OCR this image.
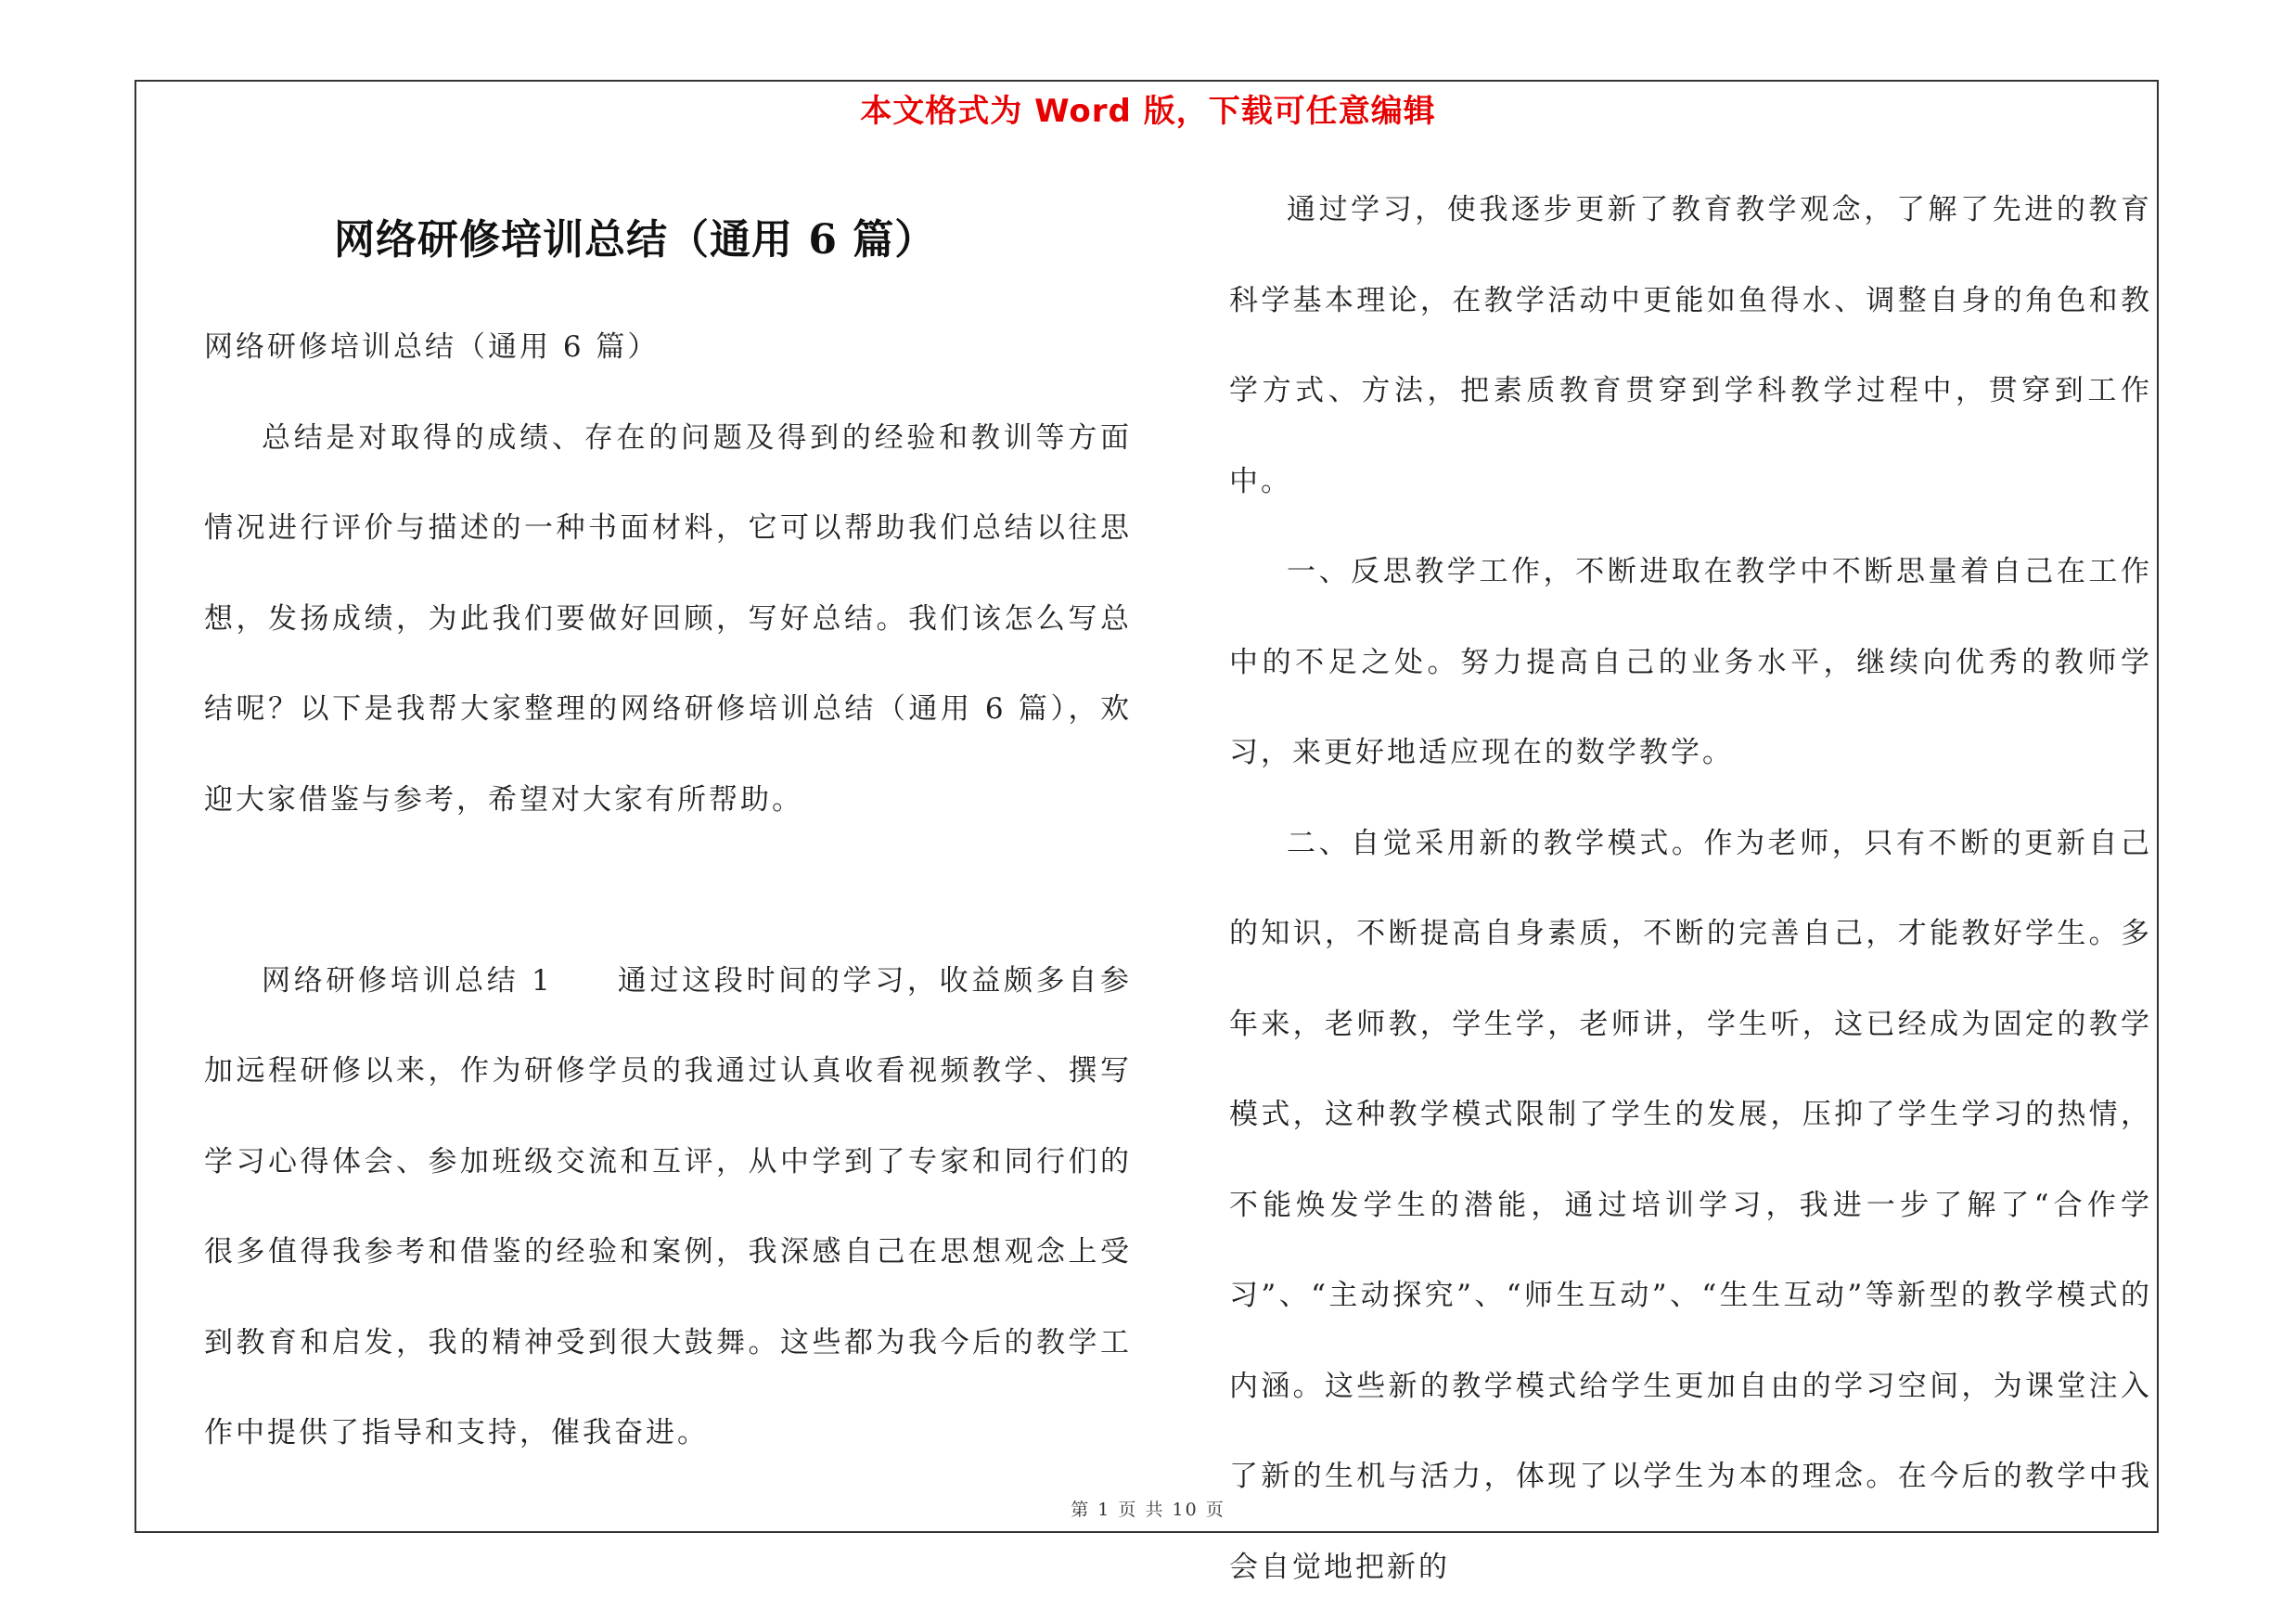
本文格式为 Word 版，下载可任意编辑
网络研修培训总结（通用 6 篇）

网络研修培训总结（通用 6 篇）

总结是对取得的成绩、存在的问题及得到的经验和教训等方面情况进行评价与描述的一种书面材料，它可以帮助我们总结以往思想，发扬成绩，为此我们要做好回顾，写好总结。我们该怎么写总结呢？以下是我帮大家整理的网络研修培训总结（通用 6 篇），欢迎大家借鉴与参考，希望对大家有所帮助。

网络研修培训总结 1　　通过这段时间的学习，收益颇多自参加远程研修以来，作为研修学员的我通过认真收看视频教学、撰写学习心得体会、参加班级交流和互评，从中学到了专家和同行们的很多值得我参考和借鉴的经验和案例，我深感自己在思想观念上受到教育和启发，我的精神受到很大鼓舞。这些都为我今后的教学工作中提供了指导和支持，催我奋进。

通过学习，使我逐步更新了教育教学观念，了解了先进的教育科学基本理论，在教学活动中更能如鱼得水、调整自身的角色和教学方式、方法，把素质教育贯穿到学科教学过程中，贯穿到工作中。

一、反思教学工作，不断进取在教学中不断思量着自己在工作中的不足之处。努力提高自己的业务水平，继续向优秀的教师学习，来更好地适应现在的数学教学。

二、自觉采用新的教学模式。作为老师，只有不断的更新自己的知识，不断提高自身素质，不断的完善自己，才能教好学生。多年来，老师教，学生学，老师讲，学生听，这已经成为固定的教学模式，这种教学模式限制了学生的发展，压抑了学生学习的热情，不能焕发学生的潜能，通过培训学习，我进一步了解了“合作学习”、“主动探究”、“师生互动”、“生生互动”等新型的教学模式的内涵。这些新的教学模式给学生更加自由的学习空间，为课堂注入了新的生机与活力，体现了以学生为本的理念。在今后的教学中我会自觉地把新的

第 1 页 共 10 页
